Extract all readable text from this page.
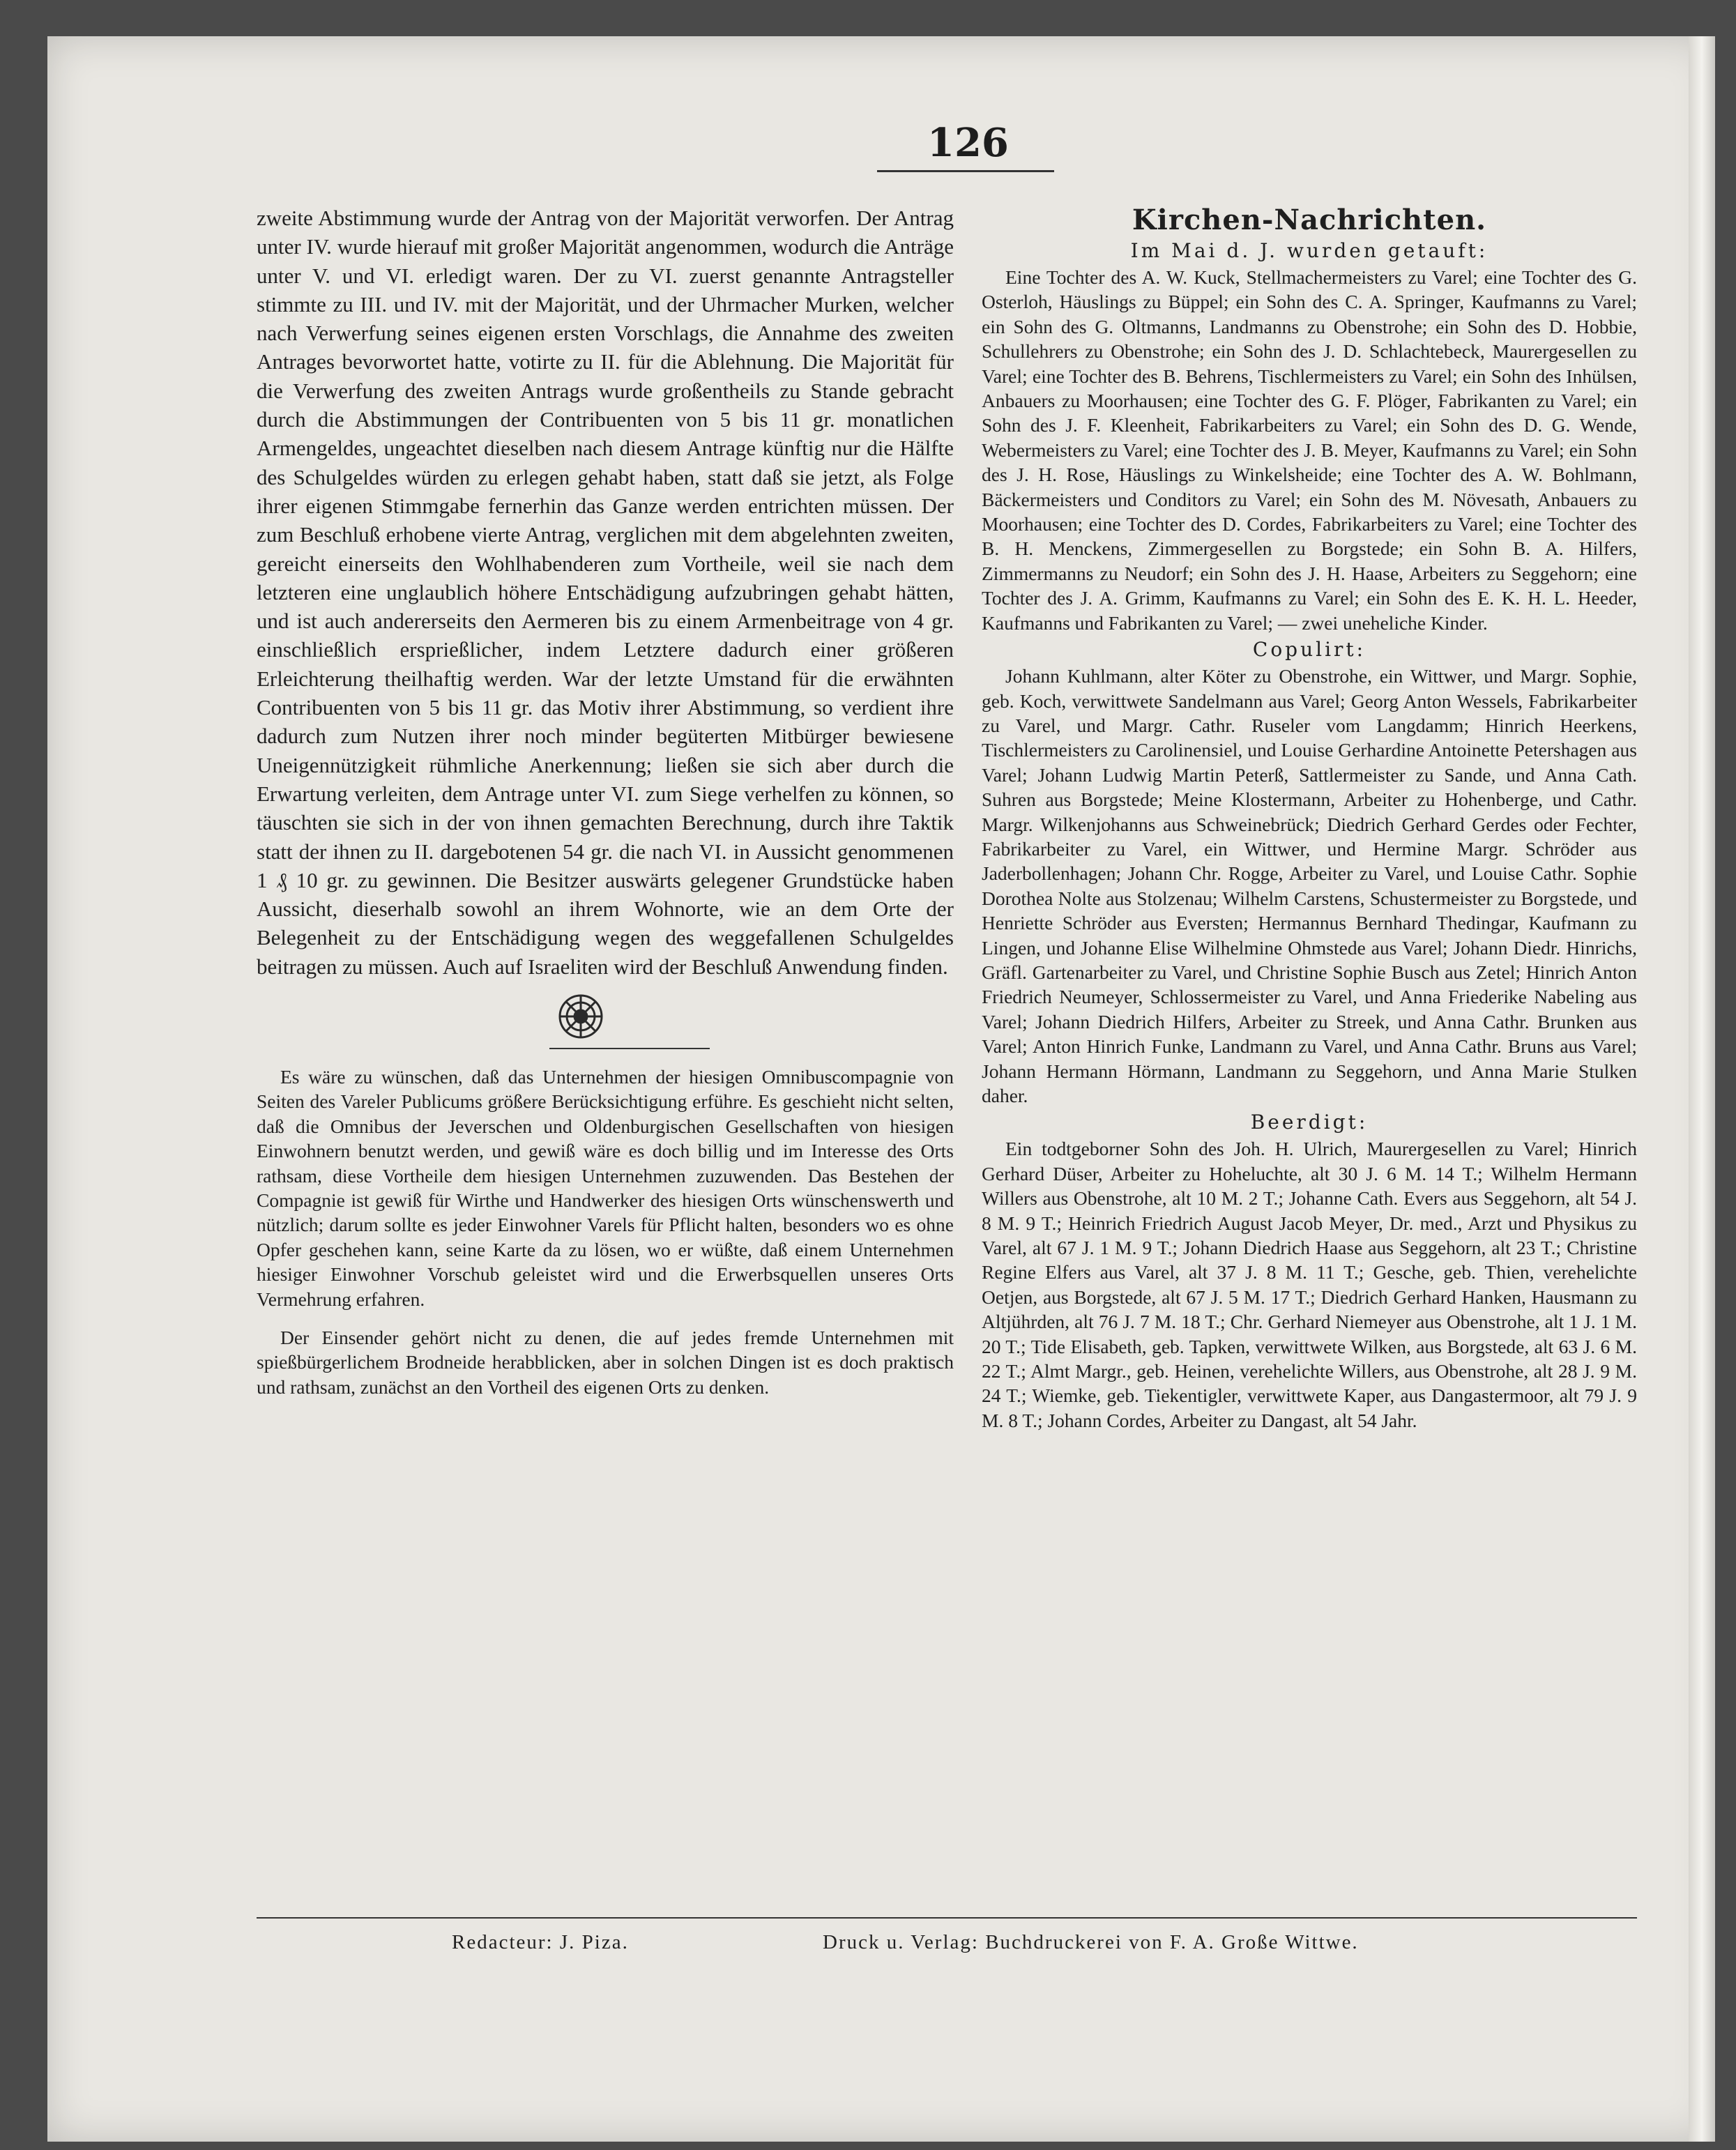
126

zweite Abstimmung wurde der Antrag von der Majorität verworfen. Der Antrag unter IV. wurde hierauf mit großer Majorität angenommen, wodurch die Anträge unter V. und VI. erledigt waren. Der zu VI. zuerst genannte Antragsteller stimmte zu III. und IV. mit der Majorität, und der Uhrmacher Murken, welcher nach Verwerfung seines eigenen ersten Vorschlags, die Annahme des zweiten Antrages bevorwortet hatte, votirte zu II. für die Ablehnung. Die Majorität für die Verwerfung des zweiten Antrags wurde großentheils zu Stande gebracht durch die Abstimmungen der Contribuenten von 5 bis 11 gr. monatlichen Armengeldes, ungeachtet dieselben nach diesem Antrage künftig nur die Hälfte des Schulgeldes würden zu erlegen gehabt haben, statt daß sie jetzt, als Folge ihrer eigenen Stimmgabe fernerhin das Ganze werden entrichten müssen. Der zum Beschluß erhobene vierte Antrag, verglichen mit dem abgelehnten zweiten, gereicht einerseits den Wohlhabenderen zum Vortheile, weil sie nach dem letzteren eine unglaublich höhere Entschädigung aufzubringen gehabt hätten, und ist auch andererseits den Aermeren bis zu einem Armenbeitrage von 4 gr. einschließlich ersprießlicher, indem Letztere dadurch einer größeren Erleichterung theilhaftig werden. War der letzte Umstand für die erwähnten Contribuenten von 5 bis 11 gr. das Motiv ihrer Abstimmung, so verdient ihre dadurch zum Nutzen ihrer noch minder begüterten Mitbürger bewiesene Uneigennützigkeit rühmliche Anerkennung; ließen sie sich aber durch die Erwartung verleiten, dem Antrage unter VI. zum Siege verhelfen zu können, so täuschten sie sich in der von ihnen gemachten Berechnung, durch ihre Taktik statt der ihnen zu II. dargebotenen 54 gr. die nach VI. in Aussicht genommenen 1 ₰ 10 gr. zu gewinnen. Die Besitzer auswärts gelegener Grundstücke haben Aussicht, dieserhalb sowohl an ihrem Wohnorte, wie an dem Orte der Belegenheit zu der Entschädigung wegen des weggefallenen Schulgeldes beitragen zu müssen. Auch auf Israeliten wird der Beschluß Anwendung finden.

Es wäre zu wünschen, daß das Unternehmen der hiesigen Omnibuscompagnie von Seiten des Vareler Publicums größere Berücksichtigung erführe. Es geschieht nicht selten, daß die Omnibus der Jeverschen und Oldenburgischen Gesellschaften von hiesigen Einwohnern benutzt werden, und gewiß wäre es doch billig und im Interesse des Orts rathsam, diese Vortheile dem hiesigen Unternehmen zuzuwenden. Das Bestehen der Compagnie ist gewiß für Wirthe und Handwerker des hiesigen Orts wünschenswerth und nützlich; darum sollte es jeder Einwohner Varels für Pflicht halten, besonders wo es ohne Opfer geschehen kann, seine Karte da zu lösen, wo er wüßte, daß einem Unternehmen hiesiger Einwohner Vorschub geleistet wird und die Erwerbsquellen unseres Orts Vermehrung erfahren.

Der Einsender gehört nicht zu denen, die auf jedes fremde Unternehmen mit spießbürgerlichem Brodneide herabblicken, aber in solchen Dingen ist es doch praktisch und rathsam, zunächst an den Vortheil des eigenen Orts zu denken.

Kirchen-Nachrichten.
Im Mai d. J. wurden getauft:

Eine Tochter des A. W. Kuck, Stellmachermeisters zu Varel; eine Tochter des G. Osterloh, Häuslings zu Büppel; ein Sohn des C. A. Springer, Kaufmanns zu Varel; ein Sohn des G. Oltmanns, Landmanns zu Obenstrohe; ein Sohn des D. Hobbie, Schullehrers zu Obenstrohe; ein Sohn des J. D. Schlachtebeck, Maurergesellen zu Varel; eine Tochter des B. Behrens, Tischlermeisters zu Varel; ein Sohn des Inhülsen, Anbauers zu Moorhausen; eine Tochter des G. F. Plöger, Fabrikanten zu Varel; ein Sohn des J. F. Kleenheit, Fabrikarbeiters zu Varel; ein Sohn des D. G. Wende, Webermeisters zu Varel; eine Tochter des J. B. Meyer, Kaufmanns zu Varel; ein Sohn des J. H. Rose, Häuslings zu Winkelsheide; eine Tochter des A. W. Bohlmann, Bäckermeisters und Conditors zu Varel; ein Sohn des M. Növesath, Anbauers zu Moorhausen; eine Tochter des D. Cordes, Fabrikarbeiters zu Varel; eine Tochter des B. H. Menckens, Zimmergesellen zu Borgstede; ein Sohn B. A. Hilfers, Zimmermanns zu Neudorf; ein Sohn des J. H. Haase, Arbeiters zu Seggehorn; eine Tochter des J. A. Grimm, Kaufmanns zu Varel; ein Sohn des E. K. H. L. Heeder, Kaufmanns und Fabrikanten zu Varel; — zwei uneheliche Kinder.

Copulirt:

Johann Kuhlmann, alter Köter zu Obenstrohe, ein Wittwer, und Margr. Sophie, geb. Koch, verwittwete Sandelmann aus Varel; Georg Anton Wessels, Fabrikarbeiter zu Varel, und Margr. Cathr. Ruseler vom Langdamm; Hinrich Heerkens, Tischlermeisters zu Carolinensiel, und Louise Gerhardine Antoinette Petershagen aus Varel; Johann Ludwig Martin Peterß, Sattlermeister zu Sande, und Anna Cath. Suhren aus Borgstede; Meine Klostermann, Arbeiter zu Hohenberge, und Cathr. Margr. Wilkenjohanns aus Schweinebrück; Diedrich Gerhard Gerdes oder Fechter, Fabrikarbeiter zu Varel, ein Wittwer, und Hermine Margr. Schröder aus Jaderbollenhagen; Johann Chr. Rogge, Arbeiter zu Varel, und Louise Cathr. Sophie Dorothea Nolte aus Stolzenau; Wilhelm Carstens, Schustermeister zu Borgstede, und Henriette Schröder aus Eversten; Hermannus Bernhard Thedingar, Kaufmann zu Lingen, und Johanne Elise Wilhelmine Ohmstede aus Varel; Johann Diedr. Hinrichs, Gräfl. Gartenarbeiter zu Varel, und Christine Sophie Busch aus Zetel; Hinrich Anton Friedrich Neumeyer, Schlossermeister zu Varel, und Anna Friederike Nabeling aus Varel; Johann Diedrich Hilfers, Arbeiter zu Streek, und Anna Cathr. Brunken aus Varel; Anton Hinrich Funke, Landmann zu Varel, und Anna Cathr. Bruns aus Varel; Johann Hermann Hörmann, Landmann zu Seggehorn, und Anna Marie Stulken daher.

Beerdigt:

Ein todtgeborner Sohn des Joh. H. Ulrich, Maurergesellen zu Varel; Hinrich Gerhard Düser, Arbeiter zu Hoheluchte, alt 30 J. 6 M. 14 T.; Wilhelm Hermann Willers aus Obenstrohe, alt 10 M. 2 T.; Johanne Cath. Evers aus Seggehorn, alt 54 J. 8 M. 9 T.; Heinrich Friedrich August Jacob Meyer, Dr. med., Arzt und Physikus zu Varel, alt 67 J. 1 M. 9 T.; Johann Diedrich Haase aus Seggehorn, alt 23 T.; Christine Regine Elfers aus Varel, alt 37 J. 8 M. 11 T.; Gesche, geb. Thien, verehelichte Oetjen, aus Borgstede, alt 67 J. 5 M. 17 T.; Diedrich Gerhard Hanken, Hausmann zu Altjührden, alt 76 J. 7 M. 18 T.; Chr. Gerhard Niemeyer aus Obenstrohe, alt 1 J. 1 M. 20 T.; Tide Elisabeth, geb. Tapken, verwittwete Wilken, aus Borgstede, alt 63 J. 6 M. 22 T.; Almt Margr., geb. Heinen, verehelichte Willers, aus Obenstrohe, alt 28 J. 9 M. 24 T.; Wiemke, geb. Tiekentigler, verwittwete Kaper, aus Dangastermoor, alt 79 J. 9 M. 8 T.; Johann Cordes, Arbeiter zu Dangast, alt 54 Jahr.

Redacteur: J. Piza.	Druck u. Verlag: Buchdruckerei von F. A. Große Wittwe.
